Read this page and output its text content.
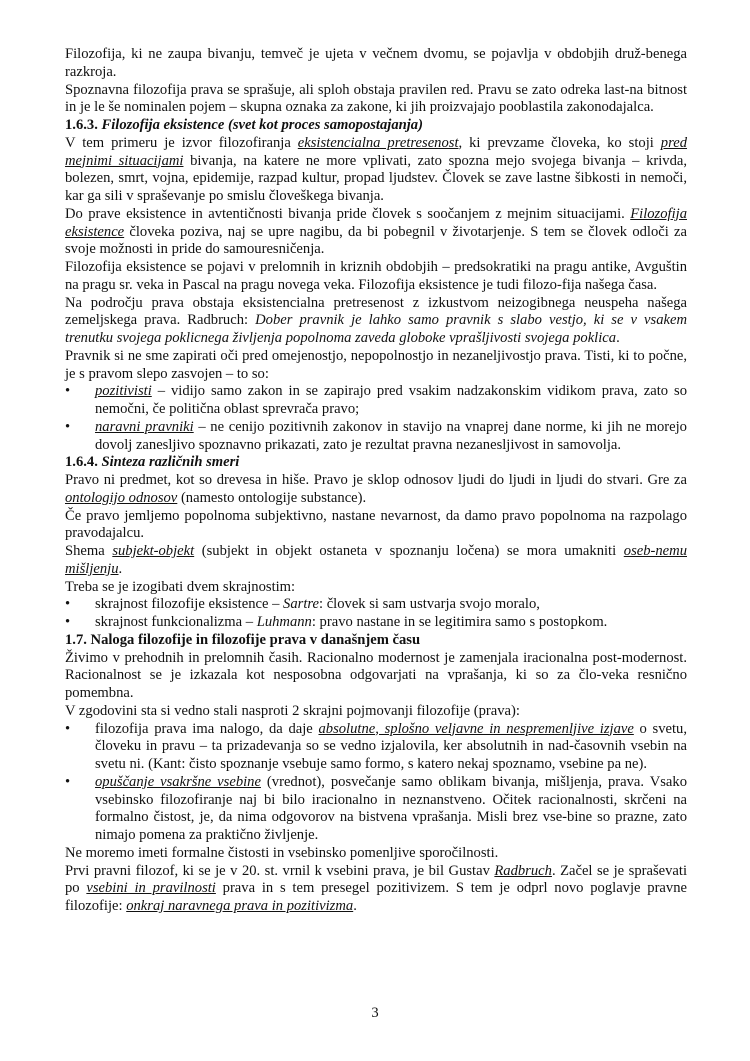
Filozofija, ki ne zaupa bivanju, temveč je ujeta v večnem dvomu, se pojavlja v obdobjih druž-benega razkroja.

Spoznavna filozofija prava se sprašuje, ali sploh obstaja pravilen red. Pravu se zato odreka last-na bitnost in je le še nominalen pojem – skupna oznaka za zakone, ki jih proizvajajo pooblastila zakonodajalca.

1.6.3. Filozofija eksistence (svet kot proces samopostajanja)

V tem primeru je izvor filozofiranja eksistencialna pretresenost, ki prevzame človeka, ko stoji pred mejnimi situacijami bivanja, na katere ne more vplivati, zato spozna mejo svojega bivanja – krivda, bolezen, smrt, vojna, epidemije, razpad kultur, propad ljudstev. Človek se zave lastne šibkosti in nemoči, kar ga sili v spraševanje po smislu človeškega bivanja.

Do prave eksistence in avtentičnosti bivanja pride človek s soočanjem z mejnim situacijami. Filozofija eksistence človeka poziva, naj se upre nagibu, da bi pobegnil v životarjenje. S tem se človek odloči za svoje možnosti in pride do samouresničenja.

Filozofija eksistence se pojavi v prelomnih in kriznih obdobjih – predsokratiki na pragu antike, Avguštin na pragu sr. veka in Pascal na pragu novega veka. Filozofija eksistence je tudi filozo-fija našega časa.

Na področju prava obstaja eksistencialna pretresenost z izkustvom neizogibnega neuspeha našega zemeljskega prava. Radbruch: Dober pravnik je lahko samo pravnik s slabo vestjo, ki se v vsakem trenutku svojega poklicnega življenja popolnoma zaveda globoke vprašljivosti svojega poklica.

Pravnik si ne sme zapirati oči pred omejenostjo, nepopolnostjo in nezaneljivostjo prava. Tisti, ki to počne, je s pravom slepo zasvojen – to so:

• pozitivisti – vidijo samo zakon in se zapirajo pred vsakim nadzakonskim vidikom prava, zato so nemočni, če politična oblast sprevrača pravo;
• naravni pravniki – ne cenijo pozitivnih zakonov in stavijo na vnaprej dane norme, ki jih ne morejo dovolj zanesljivo spoznavno prikazati, zato je rezultat pravna nezanesljivost in samovolja.
1.6.4. Sinteza različnih smeri

Pravo ni predmet, kot so drevesa in hiše. Pravo je sklop odnosov ljudi do ljudi in ljudi do stvari. Gre za ontologijo odnosov (namesto ontologije substance).

Če pravo jemljemo popolnoma subjektivno, nastane nevarnost, da damo pravo popolnoma na razpolago pravodajalcu.

Shema subjekt-objekt (subjekt in objekt ostaneta v spoznanju ločena) se mora umakniti oseb-nemu mišljenju.

Treba se je izogibati dvem skrajnostim:

• skrajnost filozofije eksistence – Sartre: človek si sam ustvarja svojo moralo,
• skrajnost funkcionalizma – Luhmann: pravo nastane in se legitimira samo s postopkom.
1.7. Naloga filozofije in filozofije prava v današnjem času

Živimo v prehodnih in prelomnih časih. Racionalno modernost je zamenjala iracionalna post-modernost. Racionalnost se je izkazala kot nesposobna odgovarjati na vprašanja, ki so za člo-veka resnično pomembna.

V zgodovini sta si vedno stali nasproti 2 skrajni pojmovanji filozofije (prava):

• filozofija prava ima nalogo, da daje absolutne, splošno veljavne in nespremenljive izjave o svetu, človeku in pravu – ta prizadevanja so se vedno izjalovila, ker absolutnih in nad-časovnih vsebin na svetu ni. (Kant: čisto spoznanje vsebuje samo formo, s katero nekaj spoznamo, vsebine pa ne).
• opuščanje vsakršne vsebine (vrednot), posvečanje samo oblikam bivanja, mišljenja, prava. Vsako vsebinsko filozofiranje naj bi bilo iracionalno in neznanstveno. Očitek racionalnosti, skrčeni na formalno čistost, je, da nima odgovorov na bistvena vprašanja. Misli brez vse-bine so prazne, zato nimajo pomena za praktično življenje.

Ne moremo imeti formalne čistosti in vsebinsko pomenljive sporočilnosti.

Prvi pravni filozof, ki se je v 20. st. vrnil k vsebini prava, je bil Gustav Radbruch. Začel se je spraševati po vsebini in pravilnosti prava in s tem presegel pozitivizem. S tem je odprl novo poglavje pravne filozofije: onkraj naravnega prava in pozitivizma.

3
